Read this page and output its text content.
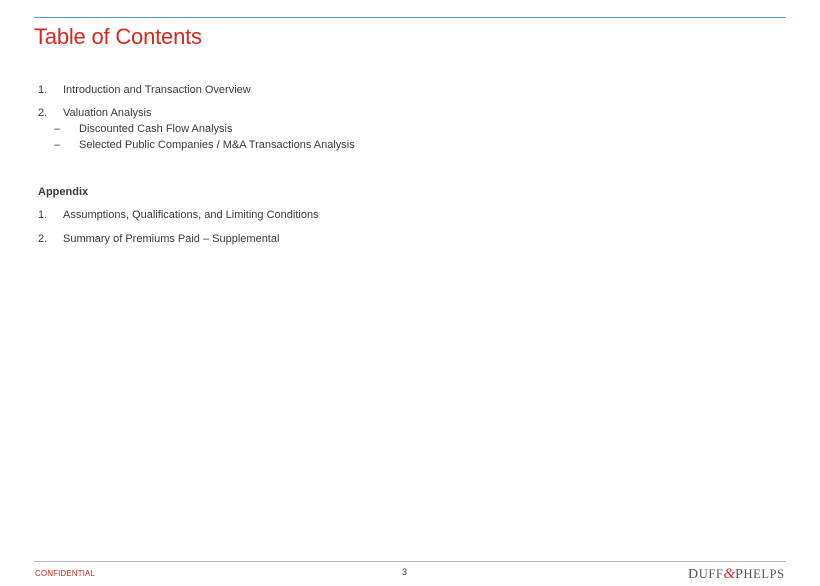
Table of Contents
1. Introduction and Transaction Overview
2. Valuation Analysis
– Discounted Cash Flow Analysis
– Selected Public Companies / M&A Transactions Analysis
Appendix
1. Assumptions, Qualifications, and Limiting Conditions
2. Summary of Premiums Paid – Supplemental
CONFIDENTIAL	3	DUFF&PHELPS
